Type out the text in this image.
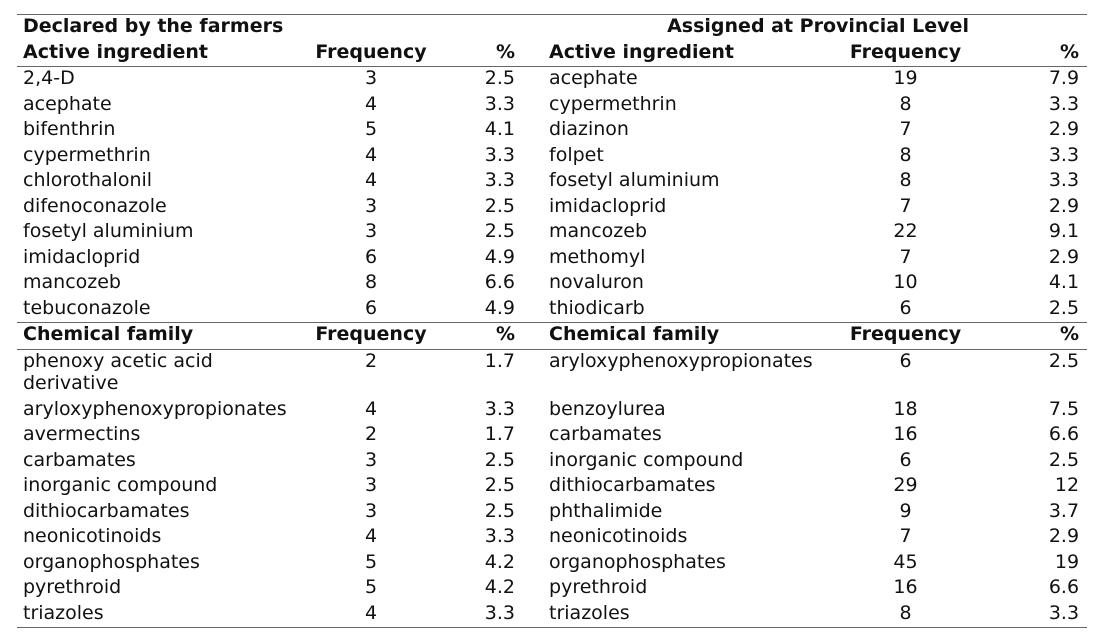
Declared by the farmers			Assigned at Provincial Level		
Active ingredient	Frequency	%	Active ingredient	Frequency	%
2,4-D	3	2.5	acephate	19	7.9
acephate	4	3.3	cypermethrin	8	3.3
bifenthrin	5	4.1	diazinon	7	2.9
cypermethrin	4	3.3	folpet	8	3.3
chlorothalonil	4	3.3	fosetyl aluminium	8	3.3
difenoconazole	3	2.5	imidacloprid	7	2.9
fosetyl aluminium	3	2.5	mancozeb	22	9.1
imidacloprid	6	4.9	methomyl	7	2.9
mancozeb	8	6.6	novaluron	10	4.1
tebuconazole	6	4.9	thiodicarb	6	2.5
Chemical family	Frequency	%	Chemical family	Frequency	%
phenoxy acetic acid derivative	2	1.7	aryloxyphenoxypropionates	6	2.5
aryloxyphenoxypropionates	4	3.3	benzoylurea	18	7.5
avermectins	2	1.7	carbamates	16	6.6
carbamates	3	2.5	inorganic compound	6	2.5
inorganic compound	3	2.5	dithiocarbamates	29	12
dithiocarbamates	3	2.5	phthalimide	9	3.7
neonicotinoids	4	3.3	neonicotinoids	7	2.9
organophosphates	5	4.2	organophosphates	45	19
pyrethroid	5	4.2	pyrethroid	16	6.6
triazoles	4	3.3	triazoles	8	3.3
